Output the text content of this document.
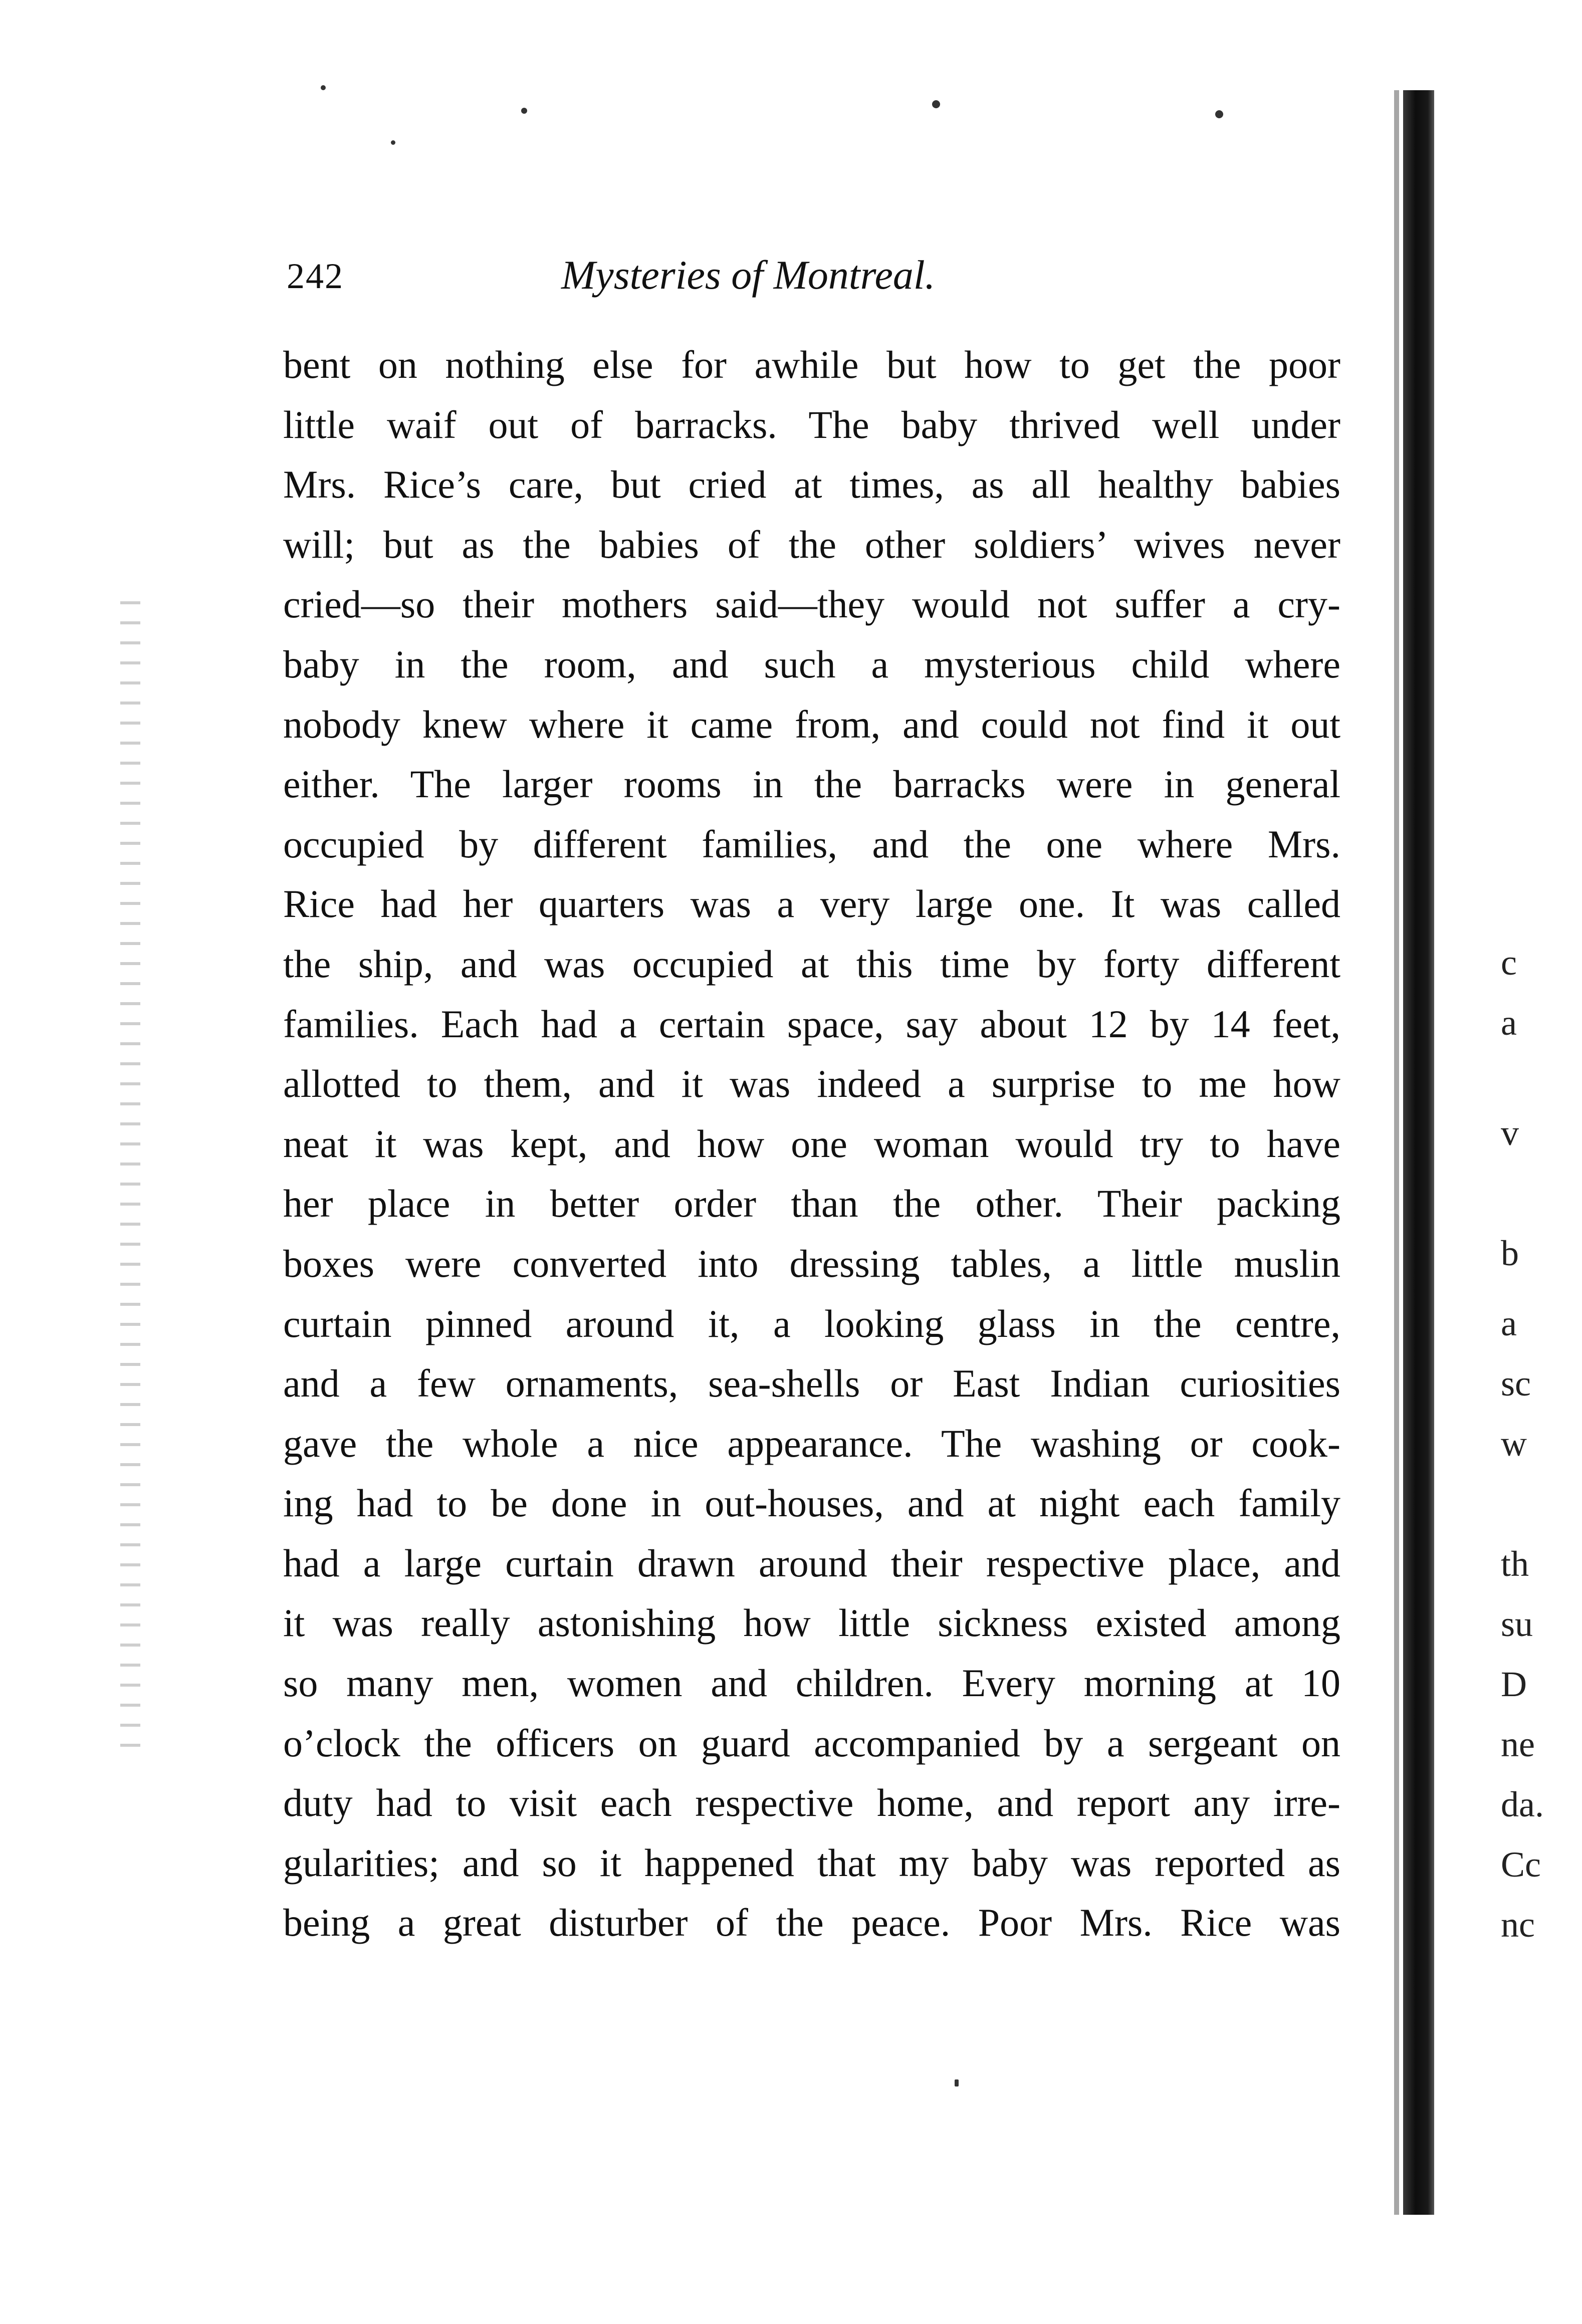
242	Mysteries of Montreal.
bent on nothing else for awhile but how to get the poor
little waif out of barracks. The baby thrived well under
Mrs. Rice’s care, but cried at times, as all healthy babies
will; but as the babies of the other soldiers’ wives never
cried—so their mothers said—they would not suffer a cry-
baby in the room, and such a mysterious child where
nobody knew where it came from, and could not find it out
either. The larger rooms in the barracks were in general
occupied by different families, and the one where Mrs.
Rice had her quarters was a very large one. It was called
the ship, and was occupied at this time by forty different
families. Each had a certain space, say about 12 by 14 feet,
allotted to them, and it was indeed a surprise to me how
neat it was kept, and how one woman would try to have
her place in better order than the other. Their packing
boxes were converted into dressing tables, a little muslin
curtain pinned around it, a looking glass in the centre,
and a few ornaments, sea-shells or East Indian curiosities
gave the whole a nice appearance. The washing or cook-
ing had to be done in out-houses, and at night each family
had a large curtain drawn around their respective place, and
it was really astonishing how little sickness existed among
so many men, women and children. Every morning at 10
o’clock the officers on guard accompanied by a sergeant on
duty had to visit each respective home, and report any irre-
gularities; and so it happened that my baby was reported as
being a great disturber of the peace. Poor Mrs. Rice was
c
a
v
b
a
sc
w
th
su
D
ne
da.
Cc
nc
